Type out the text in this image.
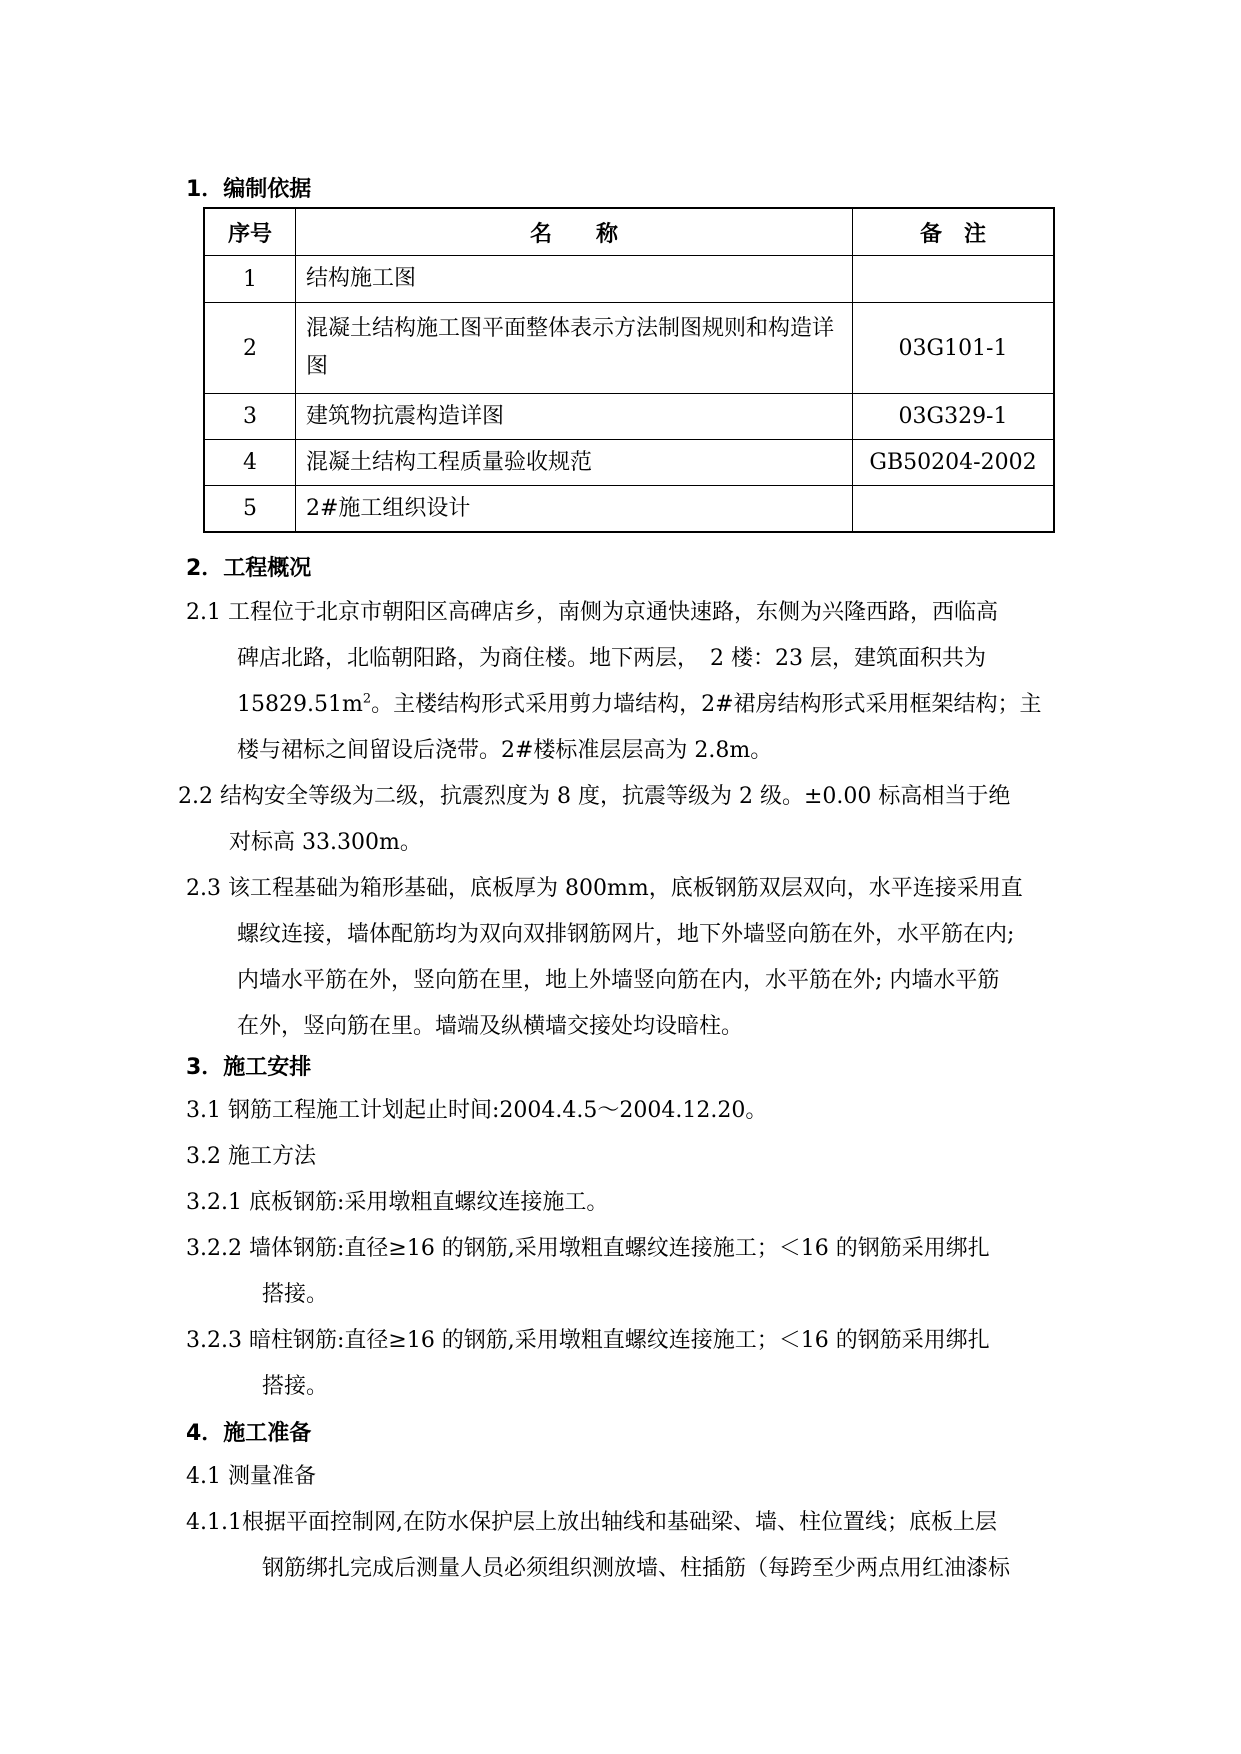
1．编制依据
序号	名　　称	备　注
1	结构施工图	
2	混凝土结构施工图平面整体表示方法制图规则和构造详图	03G101-1
3	建筑物抗震构造详图	03G329-1
4	混凝土结构工程质量验收规范	GB50204-2002
5	2#施工组织设计	
2．工程概况
2.1 工程位于北京市朝阳区高碑店乡，南侧为京通快速路，东侧为兴隆西路，西临高
碑店北路，北临朝阳路，为商住楼。地下两层，　2 楼：23 层，建筑面积共为
$15829.51m^2$。主楼结构形式采用剪力墙结构，2#裙房结构形式采用框架结构；主
楼与裙标之间留设后浇带。2#楼标准层层高为 2.8m。
2.2 结构安全等级为二级，抗震烈度为 8 度，抗震等级为 2 级。±0.00 标高相当于绝
对标高 33.300m。
2.3 该工程基础为箱形基础，底板厚为 800mm，底板钢筋双层双向，水平连接采用直
螺纹连接，墙体配筋均为双向双排钢筋网片，地下外墙竖向筋在外，水平筋在内;
内墙水平筋在外，竖向筋在里，地上外墙竖向筋在内，水平筋在外; 内墙水平筋
在外，竖向筋在里。墙端及纵横墙交接处均设暗柱。
3．施工安排
3.1 钢筋工程施工计划起止时间:2004.4.5～2004.12.20。
3.2 施工方法
3.2.1 底板钢筋:采用墩粗直螺纹连接施工。
3.2.2 墙体钢筋:直径≥16 的钢筋,采用墩粗直螺纹连接施工；＜16 的钢筋采用绑扎
搭接。
3.2.3 暗柱钢筋:直径≥16 的钢筋,采用墩粗直螺纹连接施工；＜16 的钢筋采用绑扎
搭接。
4．施工准备
4.1 测量准备
4.1.1根据平面控制网,在防水保护层上放出轴线和基础梁、墙、柱位置线；底板上层
钢筋绑扎完成后测量人员必须组织测放墙、柱插筋（每跨至少两点用红油漆标
